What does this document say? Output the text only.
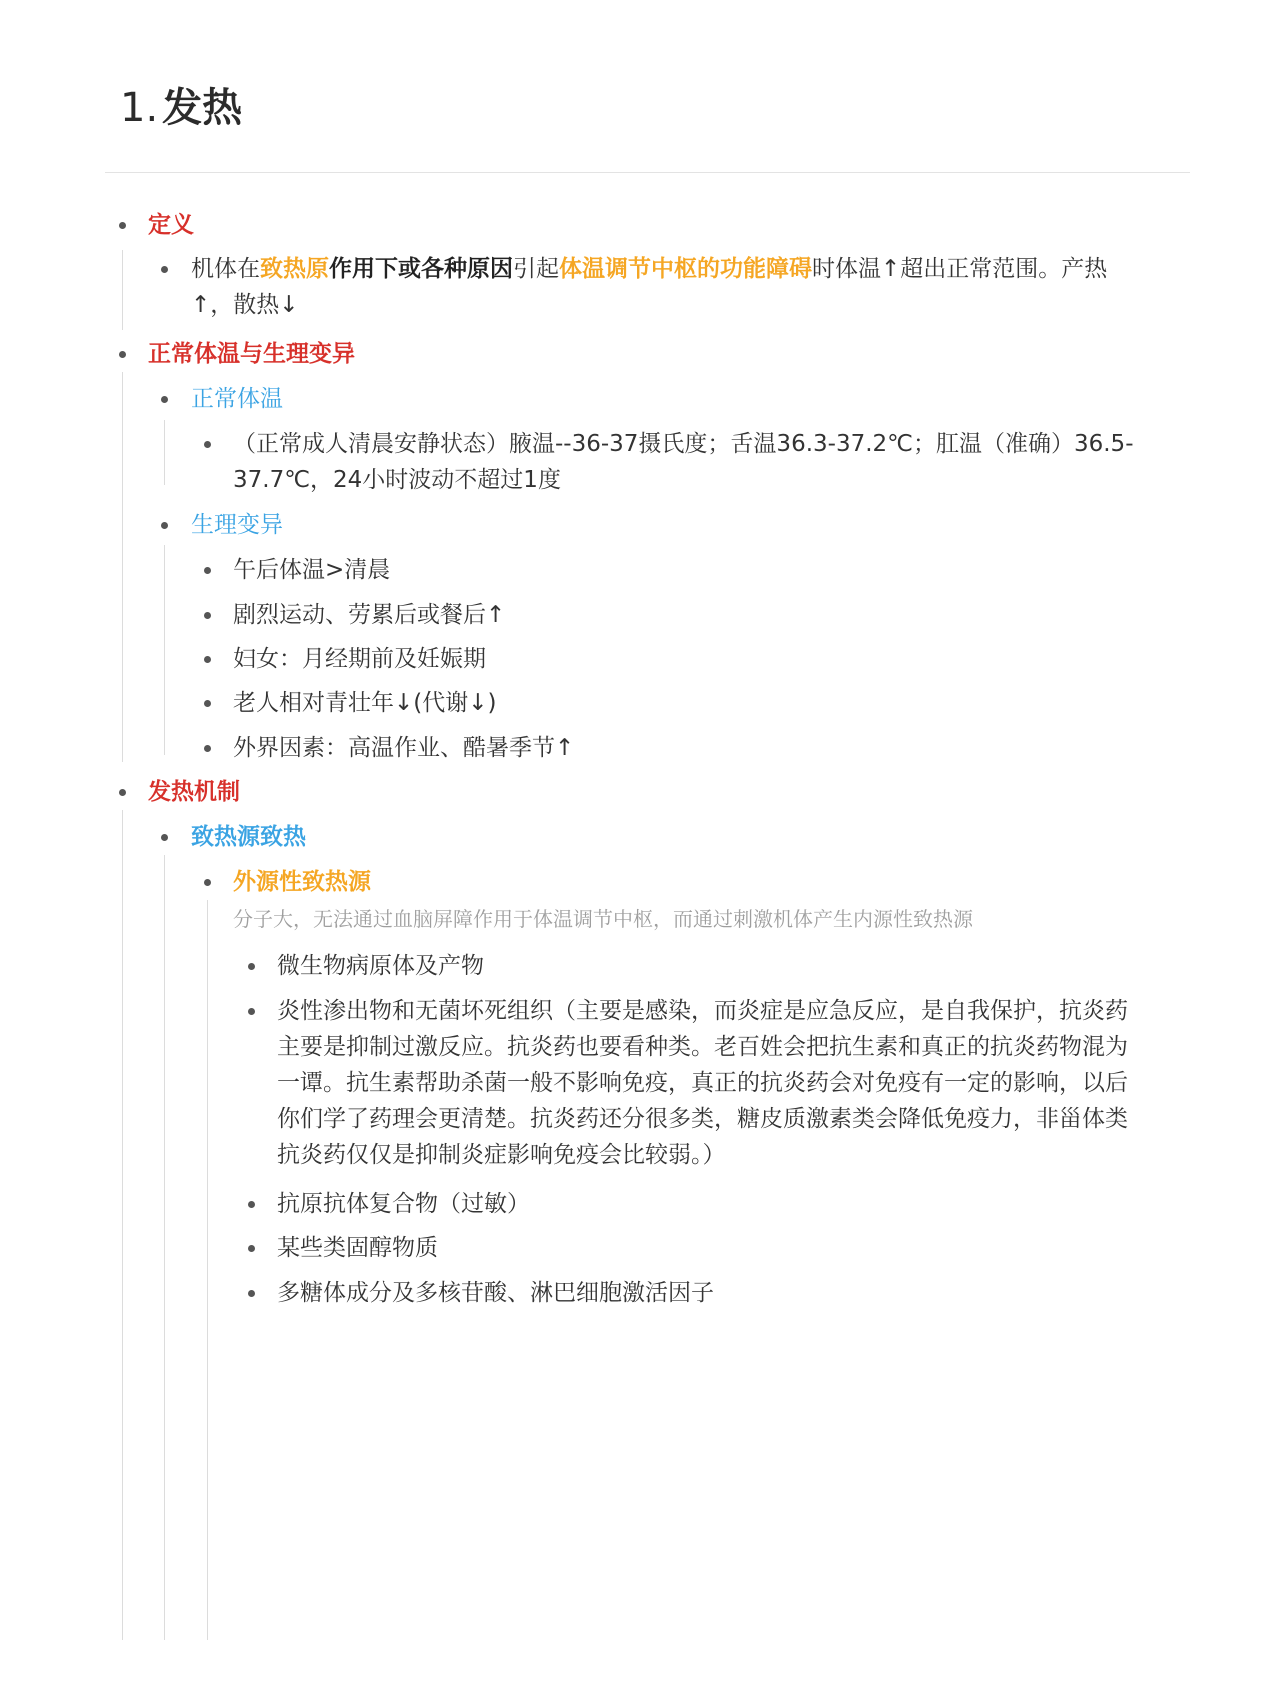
1. 发热
定义
机体在致热原作用下或各种原因引起体温调节中枢的功能障碍时体温↑超出正常范围。产热
↑，散热↓
正常体温与生理变异
正常体温
（正常成人清晨安静状态）腋温--36-37摄氏度；舌温36.3-37.2℃；肛温（准确）36.5-
37.7℃，24小时波动不超过1度
生理变异
午后体温>清晨
剧烈运动、劳累后或餐后↑
妇女：月经期前及妊娠期
老人相对青壮年↓(代谢↓)
外界因素：高温作业、酷暑季节↑
发热机制
致热源致热
外源性致热源
分子大，无法通过血脑屏障作用于体温调节中枢，而通过刺激机体产生内源性致热源
微生物病原体及产物
炎性渗出物和无菌坏死组织（主要是感染，而炎症是应急反应，是自我保护，抗炎药
主要是抑制过激反应。抗炎药也要看种类。老百姓会把抗生素和真正的抗炎药物混为
一谭。抗生素帮助杀菌一般不影响免疫，真正的抗炎药会对免疫有一定的影响，以后
你们学了药理会更清楚。抗炎药还分很多类，糖皮质激素类会降低免疫力，非甾体类
抗炎药仅仅是抑制炎症影响免疫会比较弱。）
抗原抗体复合物（过敏）
某些类固醇物质
多糖体成分及多核苷酸、淋巴细胞激活因子
